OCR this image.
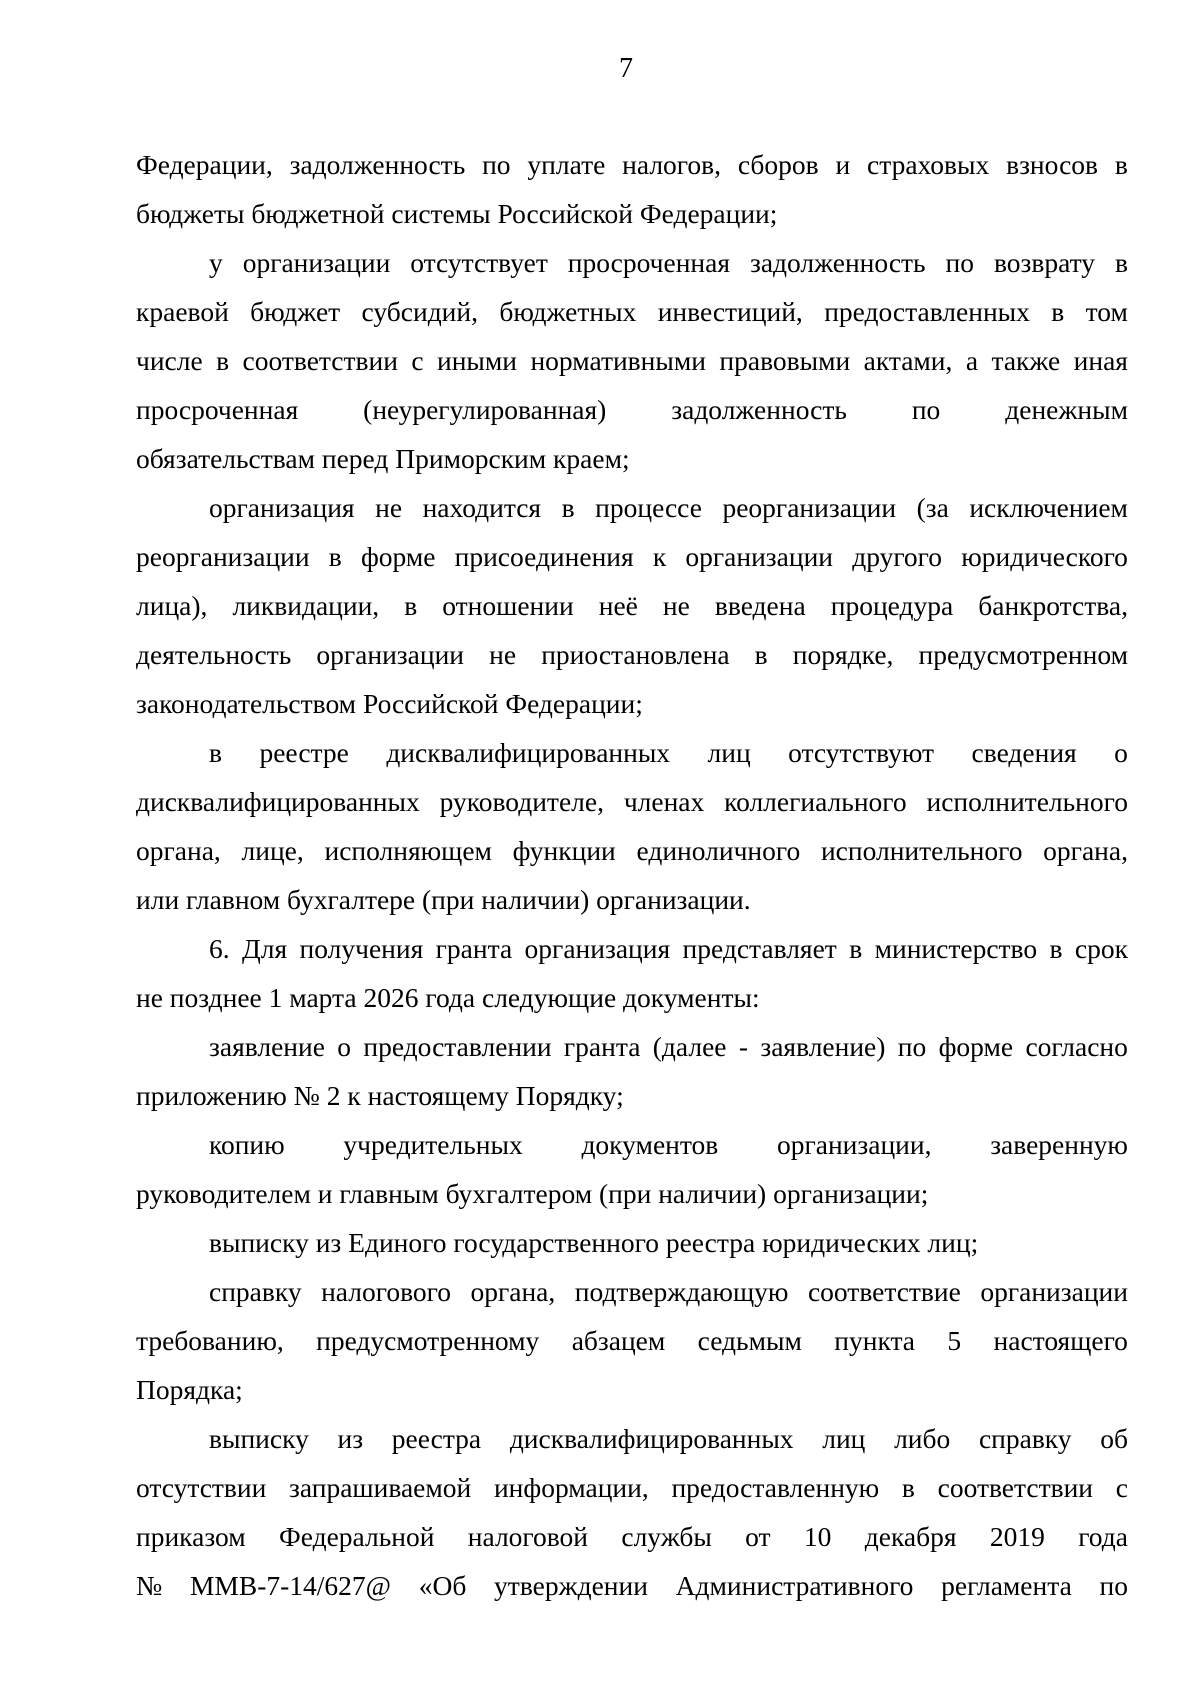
7
Федерации, задолженность по уплате налогов, сборов и страховых взносов в
бюджеты бюджетной системы Российской Федерации;
у организации отсутствует просроченная задолженность по возврату в
краевой бюджет субсидий, бюджетных инвестиций, предоставленных в том
числе в соответствии с иными нормативными правовыми актами, а также иная
просроченная (неурегулированная) задолженность по денежным
обязательствам перед Приморским краем;
организация не находится в процессе реорганизации (за исключением
реорганизации в форме присоединения к организации другого юридического
лица), ликвидации, в отношении неё не введена процедура банкротства,
деятельность организации не приостановлена в порядке, предусмотренном
законодательством Российской Федерации;
в реестре дисквалифицированных лиц отсутствуют сведения о
дисквалифицированных руководителе, членах коллегиального исполнительного
органа, лице, исполняющем функции единоличного исполнительного органа,
или главном бухгалтере (при наличии) организации.
6. Для получения гранта организация представляет в министерство в срок
не позднее 1 марта 2026 года следующие документы:
заявление о предоставлении гранта (далее - заявление) по форме согласно
приложению № 2 к настоящему Порядку;
копию учредительных документов организации, заверенную
руководителем и главным бухгалтером (при наличии) организации;
выписку из Единого государственного реестра юридических лиц;
справку налогового органа, подтверждающую соответствие организации
требованию, предусмотренному абзацем седьмым пункта 5 настоящего
Порядка;
выписку из реестра дисквалифицированных лиц либо справку об
отсутствии запрашиваемой информации, предоставленную в соответствии с
приказом Федеральной налоговой службы от 10 декабря 2019 года
№ ММВ-7-14/627@ «Об утверждении Административного регламента по
